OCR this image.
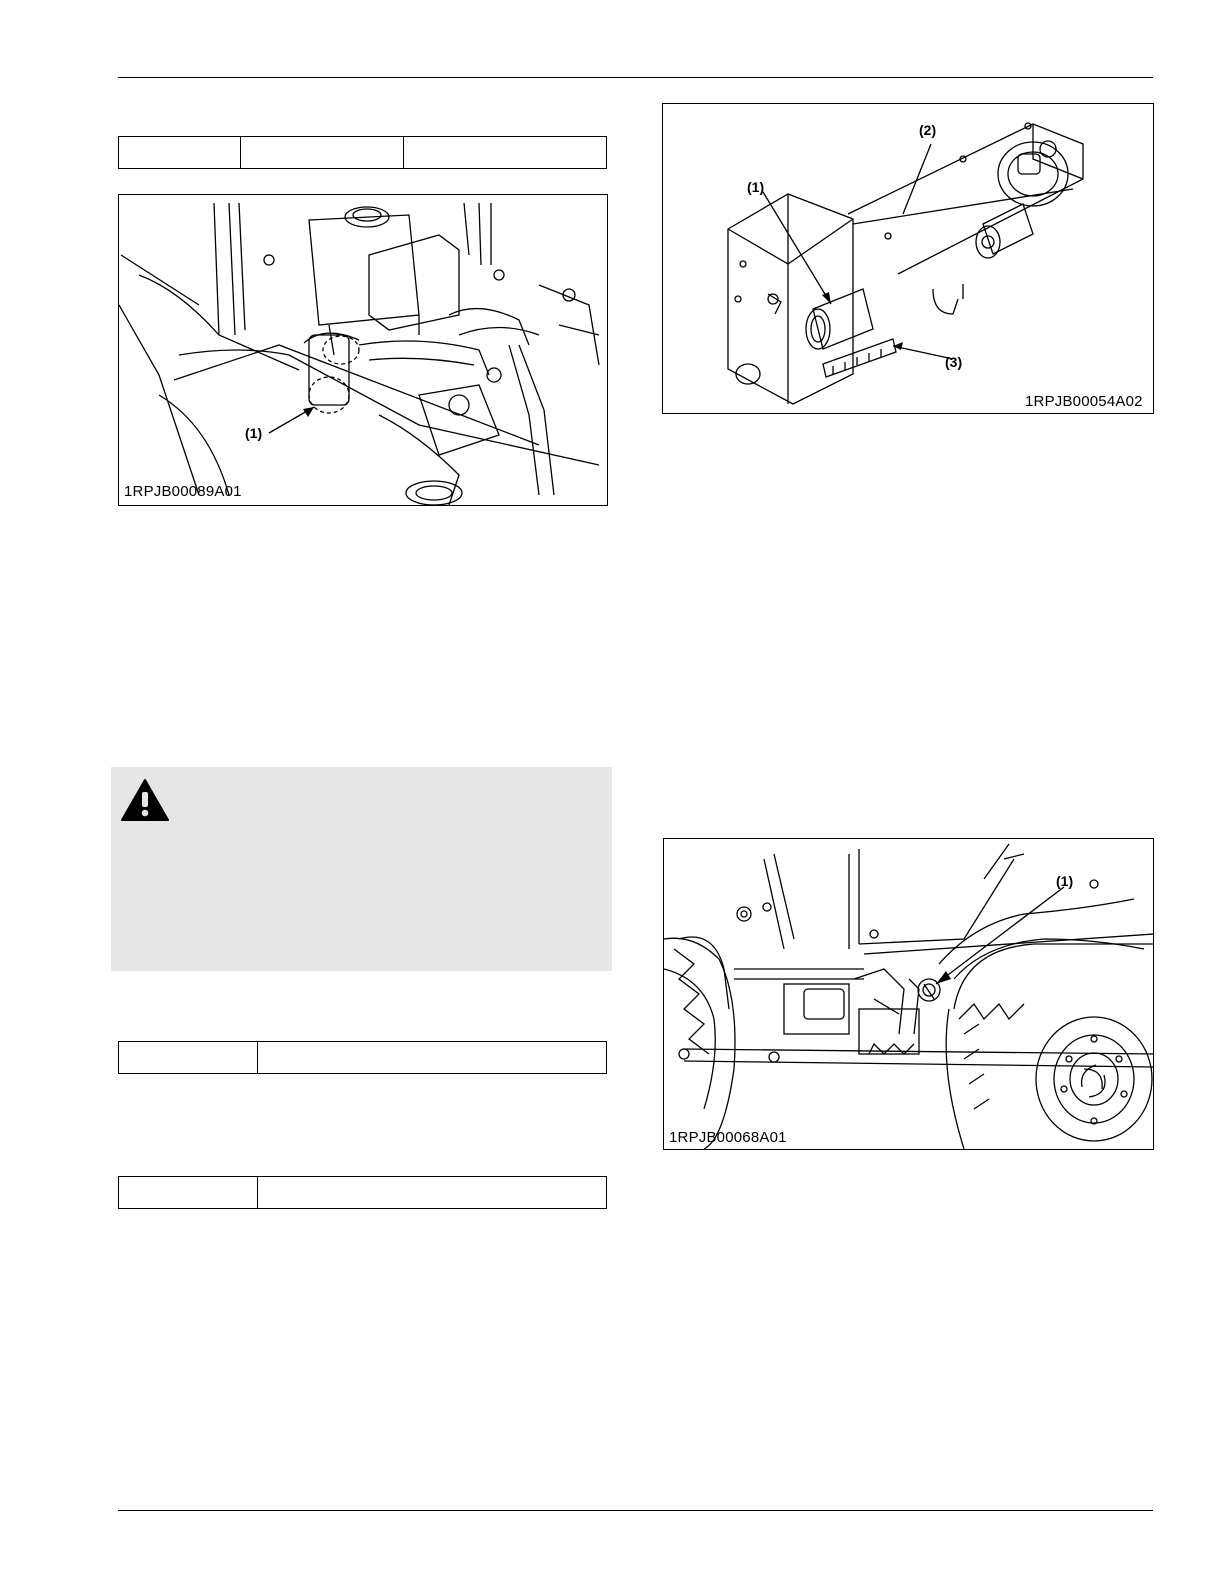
(1)
1RPJB00089A01
(1)
(2)
(3)
1RPJB00054A02
(1)
1RPJB00068A01
